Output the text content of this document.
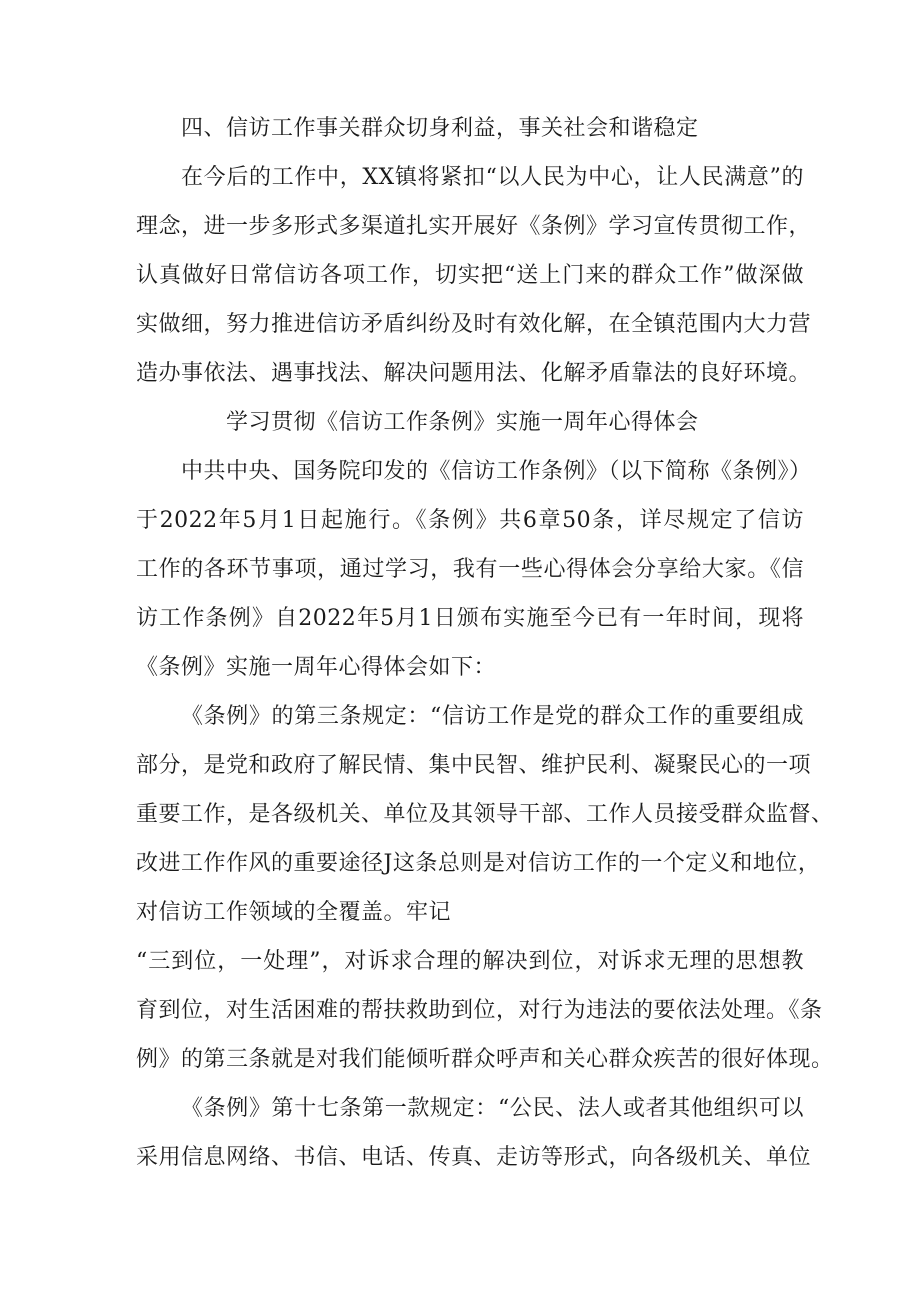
四、信访工作事关群众切身利益，事关社会和谐稳定
在今后的工作中，XX镇将紧扣“以人民为中心，让人民满意”的
理念，进一步多形式多渠道扎实开展好《条例》学习宣传贯彻工作，
认真做好日常信访各项工作，切实把“送上门来的群众工作”做深做
实做细，努力推进信访矛盾纠纷及时有效化解，在全镇范围内大力营
造办事依法、遇事找法、解决问题用法、化解矛盾靠法的良好环境。
学习贯彻《信访工作条例》实施一周年心得体会
中共中央、国务院印发的《信访工作条例》（以下简称《条例》）
于2022年5月1日起施行。《条例》共6章50条，详尽规定了信访
工作的各环节事项，通过学习，我有一些心得体会分享给大家。《信
访工作条例》自2022年5月1日颁布实施至今已有一年时间，现将
《条例》实施一周年心得体会如下：
《条例》的第三条规定：“信访工作是党的群众工作的重要组成
部分，是党和政府了解民情、集中民智、维护民利、凝聚民心的一项
重要工作，是各级机关、单位及其领导干部、工作人员接受群众监督、
改进工作作风的重要途径J这条总则是对信访工作的一个定义和地位，
对信访工作领域的全覆盖。牢记
“三到位，一处理”，对诉求合理的解决到位，对诉求无理的思想教
育到位，对生活困难的帮扶救助到位，对行为违法的要依法处理。《条
例》的第三条就是对我们能倾听群众呼声和关心群众疾苦的很好体现。
《条例》第十七条第一款规定：“公民、法人或者其他组织可以
采用信息网络、书信、电话、传真、走访等形式，向各级机关、单位
